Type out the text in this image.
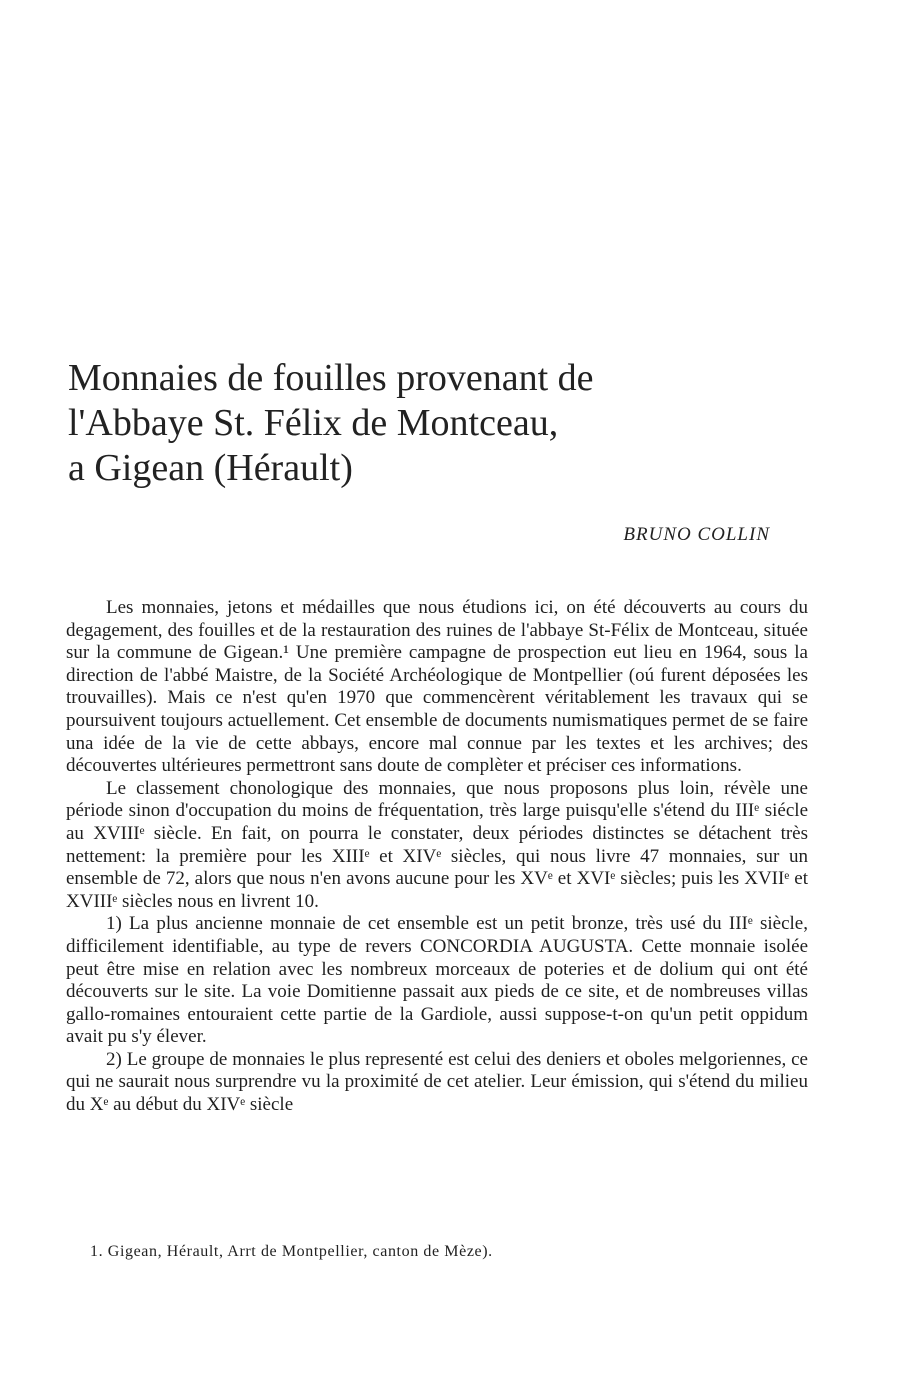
Monnaies de fouilles provenant de
l'Abbaye St. Félix de Montceau,
a Gigean (Hérault)
BRUNO COLLIN

Les monnaies, jetons et médailles que nous étudions ici, on été découverts au cours du degagement, des fouilles et de la restauration des ruines de l'abbaye St-Félix de Montceau, située sur la commune de Gigean.¹ Une première campagne de prospection eut lieu en 1964, sous la direction de l'abbé Maistre, de la Société Archéologique de Montpellier (oú furent déposées les trouvailles). Mais ce n'est qu'en 1970 que commencèrent véritablement les travaux qui se poursuivent toujours actuellement. Cet ensemble de documents numismatiques permet de se faire una idée de la vie de cette abbays, encore mal connue par les textes et les archives; des découvertes ultérieures permettront sans doute de complèter et préciser ces informations.

Le classement chonologique des monnaies, que nous proposons plus loin, révèle une période sinon d'occupation du moins de fréquentation, très large puisqu'elle s'étend du IIIᵉ siécle au XVIIIᵉ siècle. En fait, on pourra le constater, deux périodes distinctes se détachent très nettement: la première pour les XIIIᵉ et XIVᵉ siècles, qui nous livre 47 monnaies, sur un ensemble de 72, alors que nous n'en avons aucune pour les XVᵉ et XVIᵉ siècles; puis les XVIIᵉ et XVIIIᵉ siècles nous en livrent 10.

1) La plus ancienne monnaie de cet ensemble est un petit bronze, très usé du IIIᵉ siècle, difficilement identifiable, au type de revers CONCORDIA AUGUSTA. Cette monnaie isolée peut être mise en relation avec les nombreux morceaux de poteries et de dolium qui ont été découverts sur le site. La voie Domitienne passait aux pieds de ce site, et de nombreuses villas gallo-romaines entouraient cette partie de la Gardiole, aussi suppose-t-on qu'un petit oppidum avait pu s'y élever.

2) Le groupe de monnaies le plus representé est celui des deniers et oboles melgoriennes, ce qui ne saurait nous surprendre vu la proximité de cet atelier. Leur émission, qui s'étend du milieu du Xᵉ au début du XIVᵉ siècle

1. Gigean, Hérault, Arrt de Montpellier, canton de Mèze).
